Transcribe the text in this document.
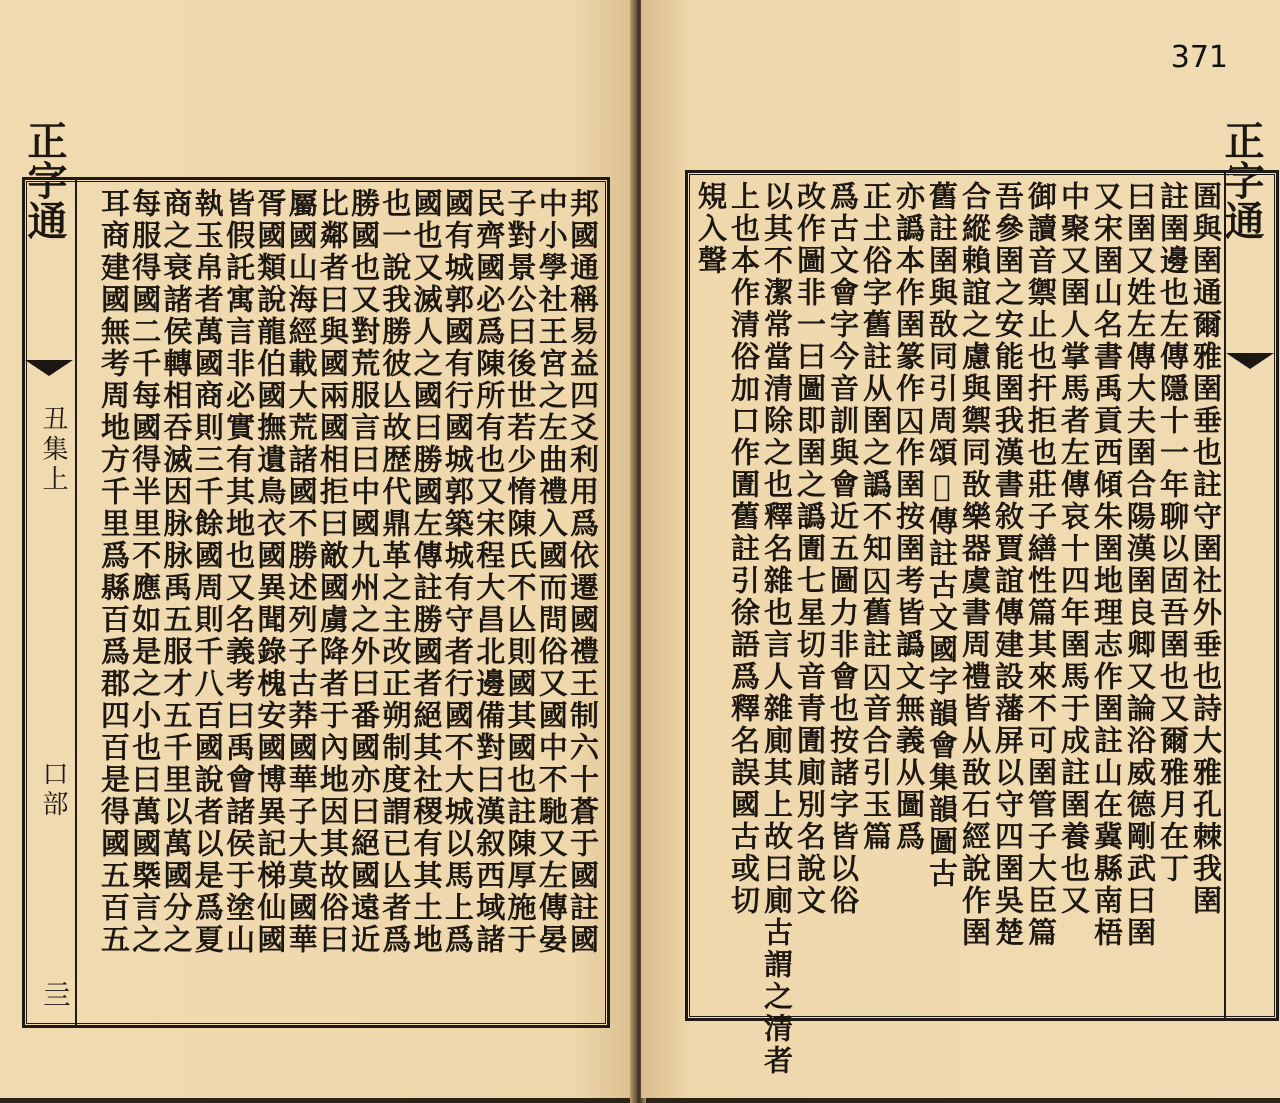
正字通
丑集上
口部
亖
邦國通稱易益四爻利用爲依遷國禮王制六十蒼于國註國
中小學社王宮之左曲禮入國而問俗又國中不馳又左傳晏
子對景公曰後世若少惰陳氏不亾則國其國也註陳厚施于
民齊國必爲陳所有也又宋程大昌北邊備對曰漢叙西域諸
國有城郭國有行國城郭築城有守者行國不大城以馬上爲
國也又滅人之國曰勝國左傳註勝國者絕其社稷有其土地
也一說我勝彼亾故歴代鼎革之主改正朔制度謂已亾者爲
勝國也又對荒服言曰中國九州之外曰番國亦曰絕國遠近
比鄰者曰與國兩國相拒曰敵國虜降者于內地因其故俗曰
屬國山海經載大荒諸國不勝述列子古莽國華子大莫國華
胥國類說龍伯國撫遺鳥衣國異聞錄槐安國博異記梯仙國
皆假託寓言非必實有其地也又名義考曰禹會諸侯于塗山
執玉帛者萬國商則三千餘國周則千八百國說者以是爲夏
商之衰諸侯轉相吞滅因脉脉禹五服才五千里以萬國分之
每服得國二千每國得半里不應如是之小也曰萬國槩言之
耳商建國無考周地方千里爲縣百爲郡四百是得國五百五
371
正字通
圄與圉通爾雅圉垂也註守圉社外垂也詩大雅孔棘我圉
註圉邊也左傳隱十一年聊以固吾圉也又爾雅月在丁
曰圉又姓左傳大夫圉合陽漢圉良卿又論浴威德剛武曰圉
又宋圉山名書禹貢西傾朱圉地理志作圉註山在冀縣南梧
中聚又圉人掌馬者左傳哀十四年圉馬于成註圉養也又
御讀音禦止也扞拒也莊子繕性篇其來不可圉管子大臣篇
吾參圉之安能圉我漢書敘賈誼傳建設藩屏以守四圉吳楚
合縱賴誼之慮與禦同敔樂器虞書周禮皆从敔石經說作圉
舊註圉與敔同引周頌𨷖傳註古文國字韻會集韻圖古
亦譌本作圉篆作𡆣作圉按圉考皆譌文無義从圖爲
正𡈽俗字舊註从圉之譌不知𡆣舊註𡆣音合引玉篇
爲古文會字今音訓與會近五圖力非會也按諸字皆以俗
改作圖非一曰圖即圉之譌圊七星切音青圊廁別名說文
以其不潔常當清除之也釋名雜也言人雜廁其上故曰廁古謂之清者
上也本作清俗加口作圊舊註引徐語爲釋名誤國古或切
䂓入聲
